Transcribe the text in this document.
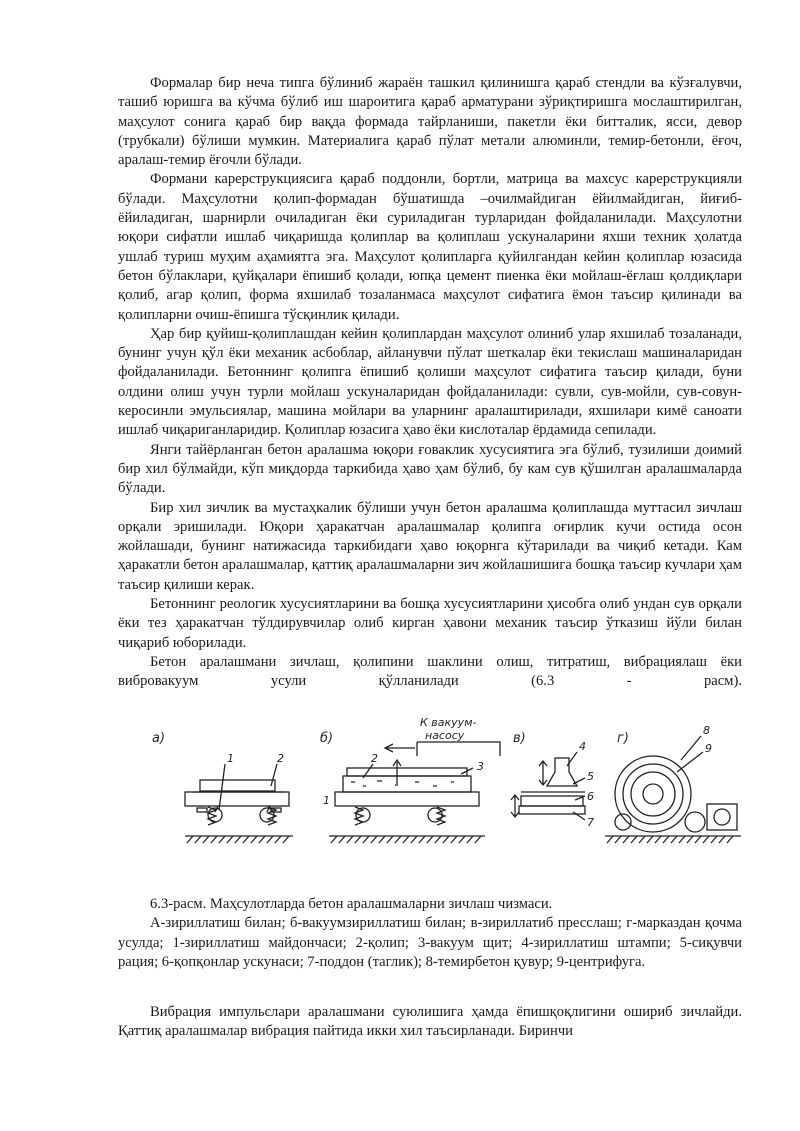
Формалар бир неча типга бўлиниб жараён ташкил қилинишга қараб стендли ва кўзғалувчи, ташиб юришга ва кўчма бўлиб иш шароитига қараб арматурани зўриқтиришга мослаштирилган, маҳсулот сонига қараб бир вақда формада тайрланиши, пакетли ёки битталик, ясси, девор (трубкали) бўлиши мумкин. Материалига қараб пўлат метали алюминли, темир-бетонли, ёғоч, аралаш-темир ёғочли бўлади.

Формани карерструкциясига қараб поддонли, бортли, матрица ва махсус карерструкцияли бўлади. Маҳсулотни қолип-формадан бўшатишда –очилмайдиган ёйилмайдиган, йиғиб-ёйиладиган, шарнирли очиладиган ёки суриладиган турларидан фойдаланилади. Маҳсулотни юқори сифатли ишлаб чиқаришда қолиплар ва қолиплаш ускуналарини яхши техник ҳолатда ушлаб туриш муҳим аҳамиятга эга. Маҳсулот қолипларга қуйилгандан кейин қолиплар юзасида бетон бўлаклари, қуйқалари ёпишиб қолади, юпқа цемент пиенка ёки мойлаш-ёғлаш қолдиқлари қолиб, агар қолип, форма яхшилаб тозаланмаса маҳсулот сифатига ёмон таъсир қилинади ва қолипларни очиш-ёпишга тўсқинлик қилади.

Ҳар бир қуйиш-қолиплашдан кейин қолиплардан маҳсулот олиниб улар яхшилаб тозаланади, бунинг учун қўл ёки механик асбоблар, айланувчи пўлат шеткалар ёки текислаш машиналаридан фойдаланилади. Бетоннинг қолипга ёпишиб қолиши маҳсулот сифатига таъсир қилади, буни олдини олиш учун турли мойлаш ускуналаридан фойдаланилади: сувли, сув-мойли, сув-совун-керосинли эмульсиялар, машина мойлари ва уларнинг аралаштирилади, яхшилари кимё саноати ишлаб чиқариганларидир. Қолиплар юзасига ҳаво ёки кислоталар ёрдамида сепилади.

Янги тайёрланган бетон аралашма юқори ғоваклик хусусиятига эга бўлиб, тузилиши доимий бир хил бўлмайди, кўп миқдорда таркибида ҳаво ҳам бўлиб, бу кам сув қўшилган аралашмаларда бўлади.

Бир хил зичлик ва мустаҳкалик бўлиши учун бетон аралашма қолиплашда муттасил зичлаш орқали эришилади. Юқори ҳаракатчан аралашмалар қолипга оғирлик кучи остида осон жойлашади, бунинг натижасида таркибидаги ҳаво юқорнга кўтарилади ва чиқиб кетади. Кам ҳаракатли бетон аралашмалар, қаттиқ аралашмаларни зич жойлашишига бошқа таъсир кучлари ҳам таъсир қилиши керак.

Бетоннинг реологик хусусиятларини ва бошқа хусусиятларини ҳисобга олиб ундан сув орқали ёки тез ҳаракатчан тўлдирувчилар олиб кирган ҳавони механик таъсир ўтказиш йўли билан чиқариб юборилади.

Бетон аралашмани зичлаш, қолипини шаклини олиш, титратиш, вибрациялаш ёки вибровакуум усули қўлланилади (6.3 - расм).

а)
1	2
б)
К вакуум-
насосу
3
2
1
в)
4
5
6
7
г)
8
9

6.3-расм. Маҳсулотларда бетон аралашмаларни зичлаш чизмаси.

А-зириллатиш билан; б-вакуумзириллатиш билан; в-зириллатиб пресслаш; г-марказдан қочма усулда; 1-зириллатиш майдончаси; 2-қолип; 3-вакуум щит; 4-зириллатиш штампи; 5-сиқувчи рация; 6-қопқонлар ускунаси; 7-поддон (таглик); 8-темирбетон қувур; 9-центрифуга.

Вибрация импульслари аралашмани суюлишига ҳамда ёпишқоқлигини ошириб зичлайди. Қаттиқ аралашмалар вибрация пайтида икки хил таъсирланади. Биринчи
